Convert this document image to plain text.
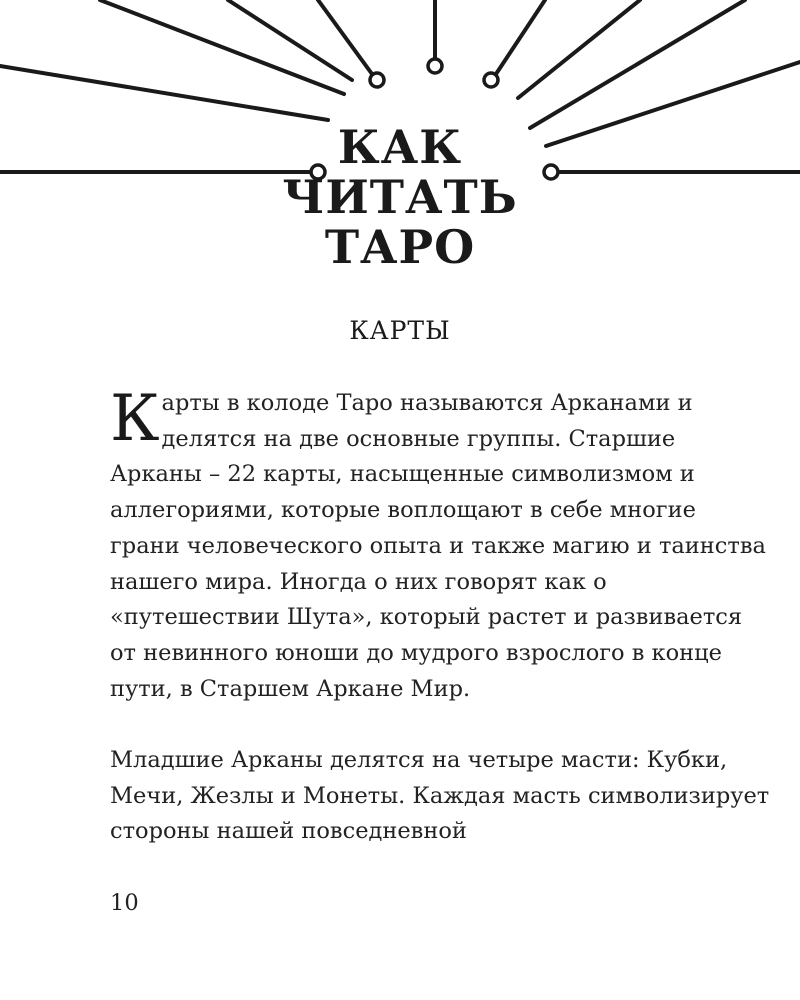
КАК
ЧИТАТЬ
ТАРО
КАРТЫ

Карты в колоде Таро называются Арканами и делятся на две основные группы. Старшие Арканы – 22 карты, насыщенные символизмом и аллегориями, которые воплощают в себе многие грани человеческого опыта и также магию и таинства нашего мира. Иногда о них говорят как о «путешествии Шута», который растет и развивается от невинного юноши до мудрого взрослого в конце пути, в Старшем Аркане Мир.

Младшие Арканы делятся на четыре масти: Кубки, Мечи, Жезлы и Монеты. Каждая масть символизирует стороны нашей повседневной

10
